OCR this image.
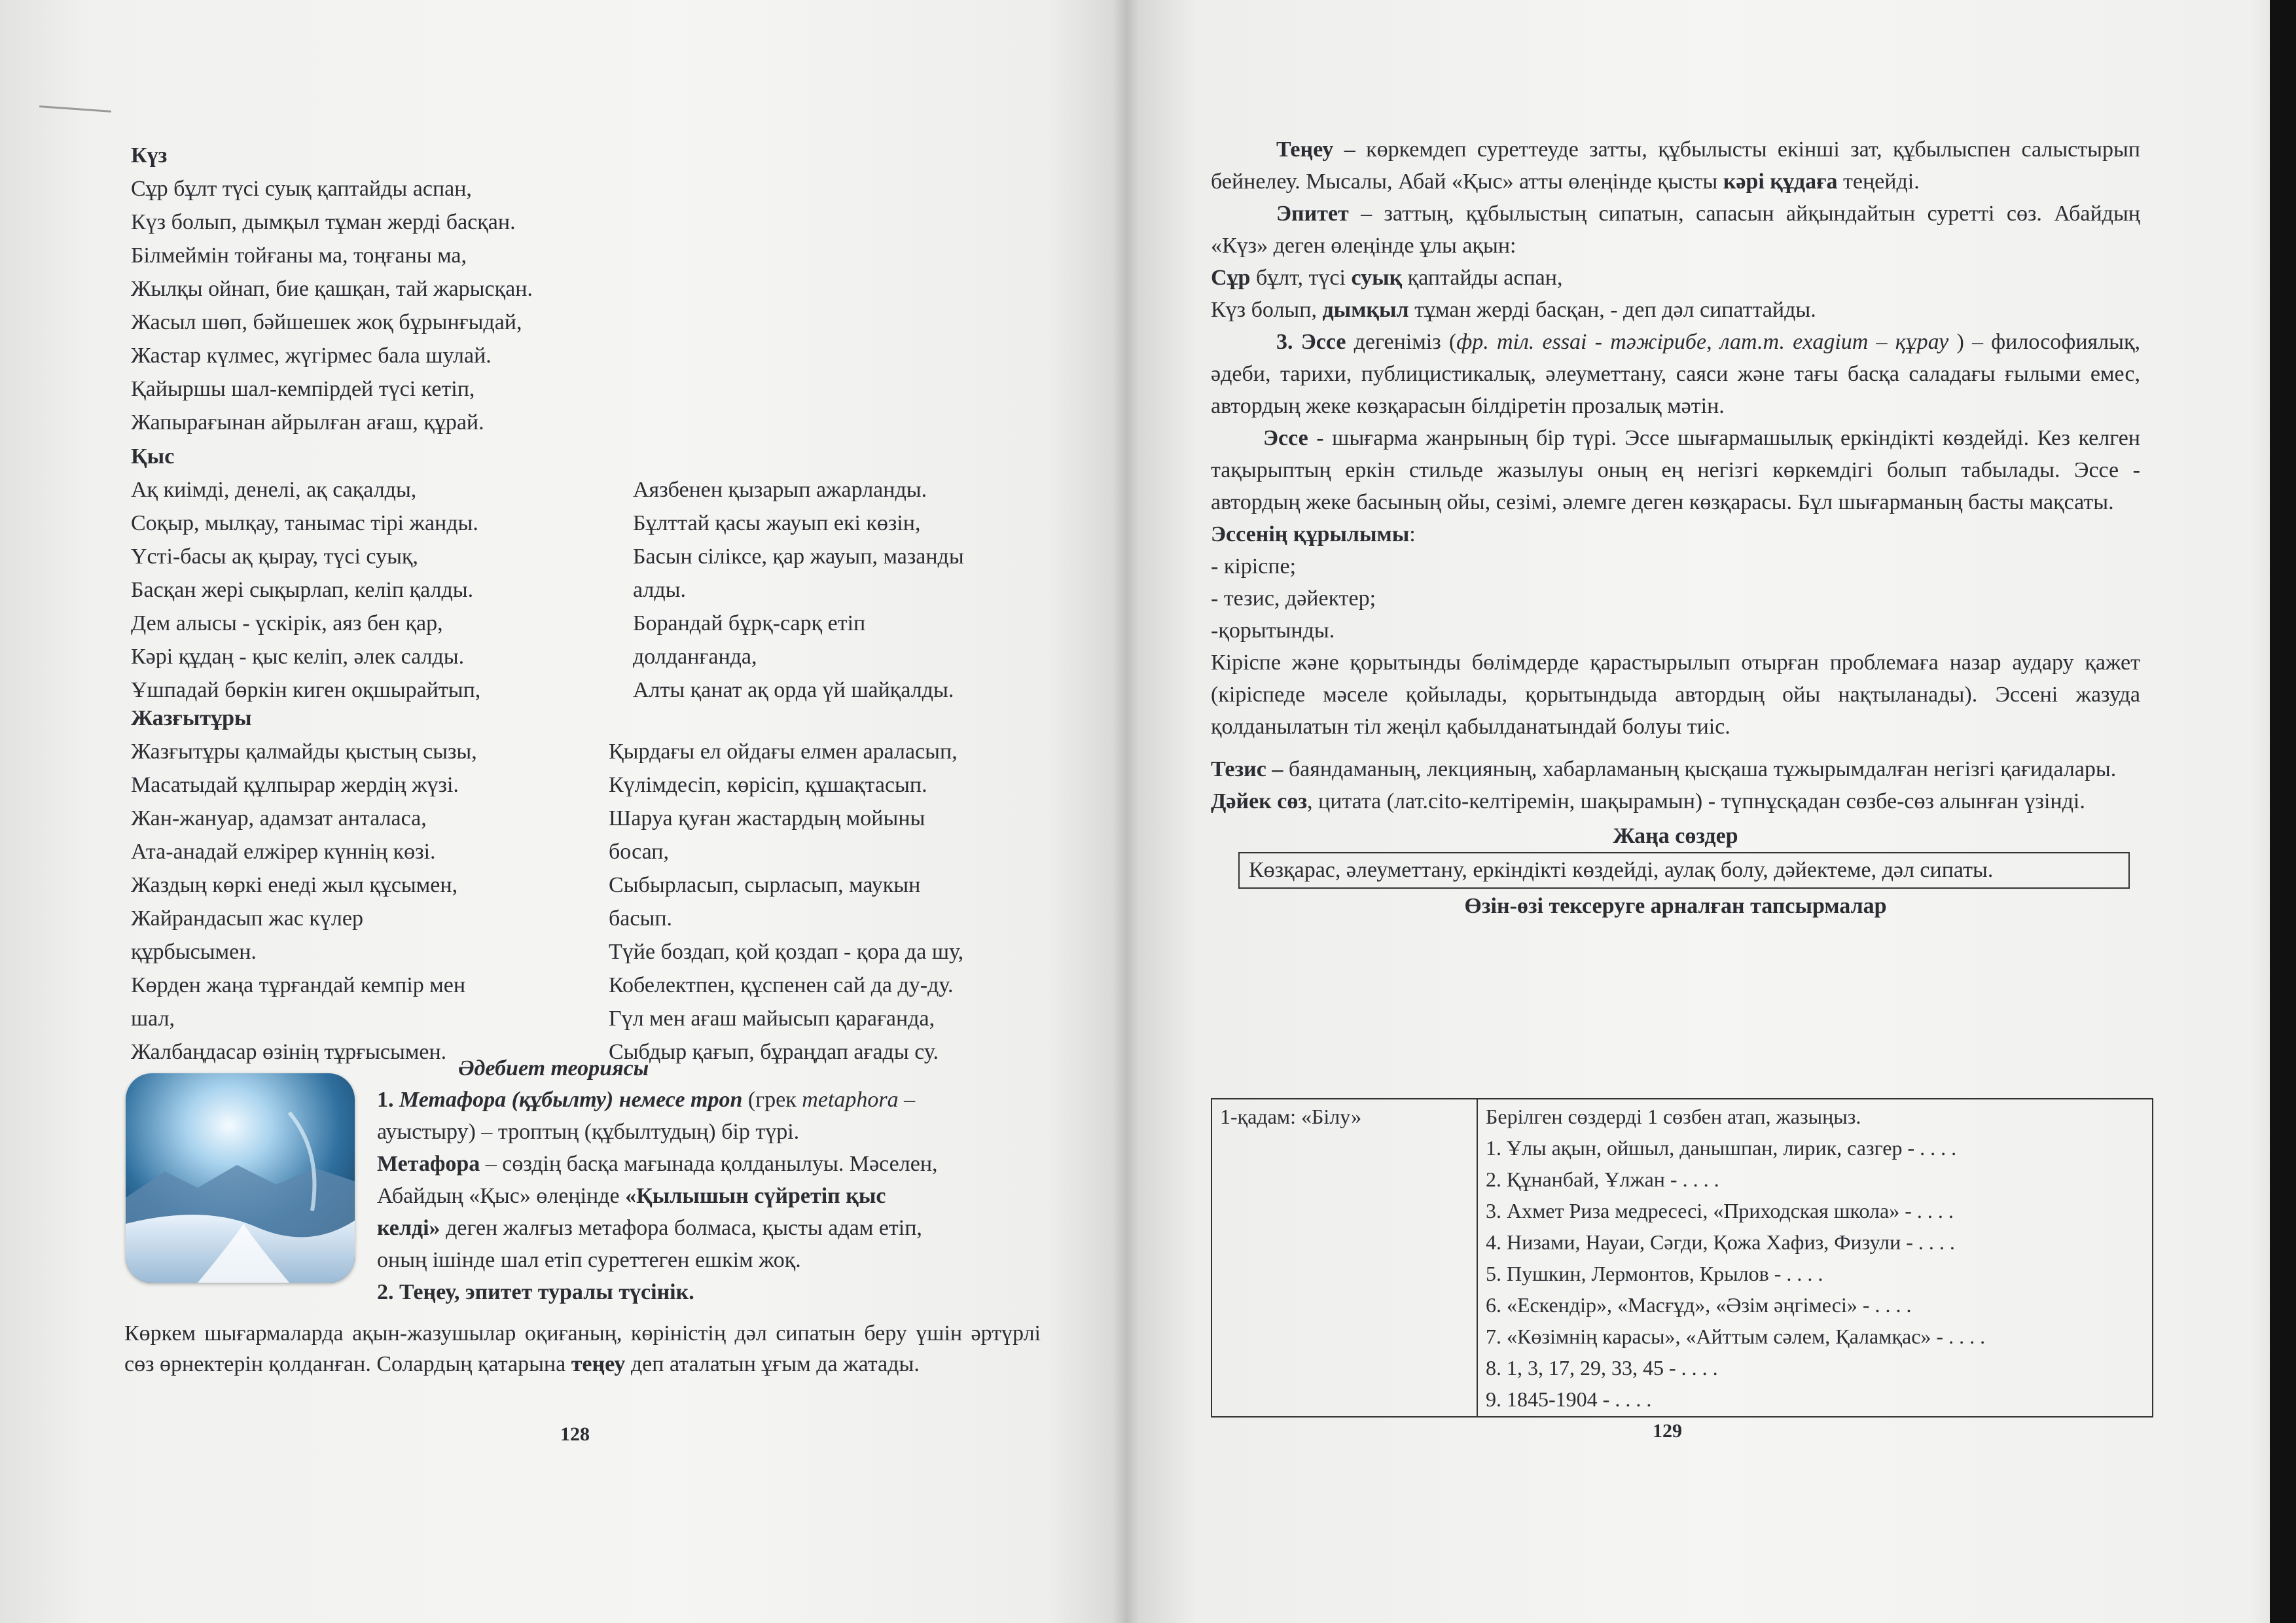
Күз
Сұр бұлт түсі суық қаптайды аспан,
Күз болып, дымқыл тұман жерді басқан.
Білмеймін тойғаны ма, тоңғаны ма,
Жылқы ойнап, бие қашқан, тай жарысқан.
Жасыл шөп, бәйшешек жоқ бұрынғыдай,
Жастар күлмес, жүгірмес бала шулай.
Қайыршы шал-кемпірдей түсі кетіп,
Жапырағынан айрылған ағаш, құрай.
Қыс
Ақ киімді, денелі, ақ сақалды,
Соқыр, мылқау, танымас тірі жанды.
Үсті-басы ақ қырау, түсі суық,
Басқан жері сықырлап, келіп қалды.
Дем алысы - үскірік, аяз бен қар,
Кәрі құдаң - қыс келіп, әлек салды.
Ұшпадай бөркін киген оқшырайтып,
Аязбенен қызарып ажарланды.
Бұлттай қасы жауып екі көзін,
Басын сіліксе, қар жауып, мазанды
алды.
Борандай бұрқ-сарқ етіп
долданғанда,
Алты қанат ақ орда үй шайқалды.
Жазғытұры
Жазғытұры қалмайды қыстың сызы,
Масатыдай құлпырар жердің жүзі.
Жан-жануар, адамзат анталаса,
Ата-анадай елжірер күннің көзі.
Жаздың көркі енеді жыл құсымен,
Жайрандасып жас күлер
құрбысымен.
Көрден жаңа тұрғандай кемпір мен
шал,
Жалбаңдасар өзінің тұрғысымен.
Қырдағы ел ойдағы елмен араласып,
Күлімдесіп, көрісіп, құшақтасып.
Шаруа қуған жастардың мойыны
босап,
Сыбырласып, сырласып, маукын
басып.
Түйе боздап, қой қоздап - қора да шу,
Кобелектпен, құспенен сай да ду-ду.
Гүл мен ағаш майысып қарағанда,
Сыбдыр қағып, бұраңдап ағады су.
Әдебиет теориясы
1. Метафора (құбылту) немесе троп (грек metaphora –
ауыстыру) – троптың (құбылтудың) бір түрі.
Метафора – сөздің басқа мағынада қолданылуы. Мәселен,
Абайдың «Қыс» өлеңінде «Қылышын сүйретіп қыс
келді» деген жалғыз метафора болмаса, қысты адам етіп,
оның ішінде шал етіп суреттеген ешкім жоқ.
2. Теңеу, эпитет туралы түсінік.

Көркем шығармаларда ақын-жазушылар оқиғаның, көріністің дәл сипатын беру үшін әртүрлі сөз өрнектерін қолданған. Солардың қатарына теңеу деп аталатын ұғым да жатады.

128

Теңеу – көркемдеп суреттеуде затты, құбылысты екінші зат, құбылыспен салыстырып бейнелеу. Мысалы, Абай «Қыс» атты өлеңінде қысты кәрі құдаға теңейді.

Эпитет – заттың, құбылыстың сипатын, сапасын айқындайтын суретті сөз. Абайдың «Күз» деген өлеңінде ұлы ақын:

Сұр бұлт, түсі суық қаптайды аспан,

Күз болып, дымқыл тұман жерді басқан, - деп дәл сипаттайды.

3. Эссе дегеніміз (фр. тіл. essai - тәжірибе, лат.т. exagium – құрау ) – философиялық, әдеби, тарихи, публицистикалық, әлеуметтану, саяси және тағы басқа саладағы ғылыми емес, автордың жеке көзқарасын білдіретін прозалық мәтін.

Эссе - шығарма жанрының бір түрі. Эссе шығармашылық еркіндікті көздейді. Кез келген тақырыптың еркін стильде жазылуы оның ең негізгі көркемдігі болып табылады. Эссе - автордың жеке басының ойы, сезімі, әлемге деген көзқарасы. Бұл шығарманың басты мақсаты.

Эссенің құрылымы:

- кіріспе;

- тезис, дәйектер;

-қорытынды.

Кіріспе және қорытынды бөлімдерде қарастырылып отырған проблемаға назар аудару қажет (кіріспеде мәселе қойылады, қорытындыда автордың ойы нақтыланады). Эссені жазуда қолданылатын тіл жеңіл қабылданатындай болуы тиіс.

Тезис – баяндаманың, лекцияның, хабарламаның қысқаша тұжырымдалған негізгі қағидалары.

Дәйек сөз, цитата (лат.cito-келтіремін, шақырамын) - түпнұсқадан сөзбе-сөз алынған үзінді.

Жаңа сөздер

Көзқарас, әлеуметтану, еркіндікті көздейді, аулақ болу, дәйектеме, дәл сипаты.

Өзін-өзі тексеруге арналған тапсырмалар

1-қадам: «Білу»	Берілген сөздерді 1 сөзбен атап, жазыңыз.
1. Ұлы ақын, ойшыл, данышпан, лирик, сазгер - . . . .
2. Құнанбай, Ұлжан - . . . .
3. Ахмет Риза медресесі, «Приходская школа» - . . . .
4. Низами, Науаи, Сәгди, Қожа Хафиз, Физули - . . . .
5. Пушкин, Лермонтов, Крылов - . . . .
6. «Ескендір», «Масғұд», «Әзім әңгімесі» - . . . .
7. «Көзімнің карасы», «Айттым сәлем, Қаламқас» - . . . .
8. 1, 3, 17, 29, 33, 45 - . . . .
9. 1845-1904 - . . . .
129
